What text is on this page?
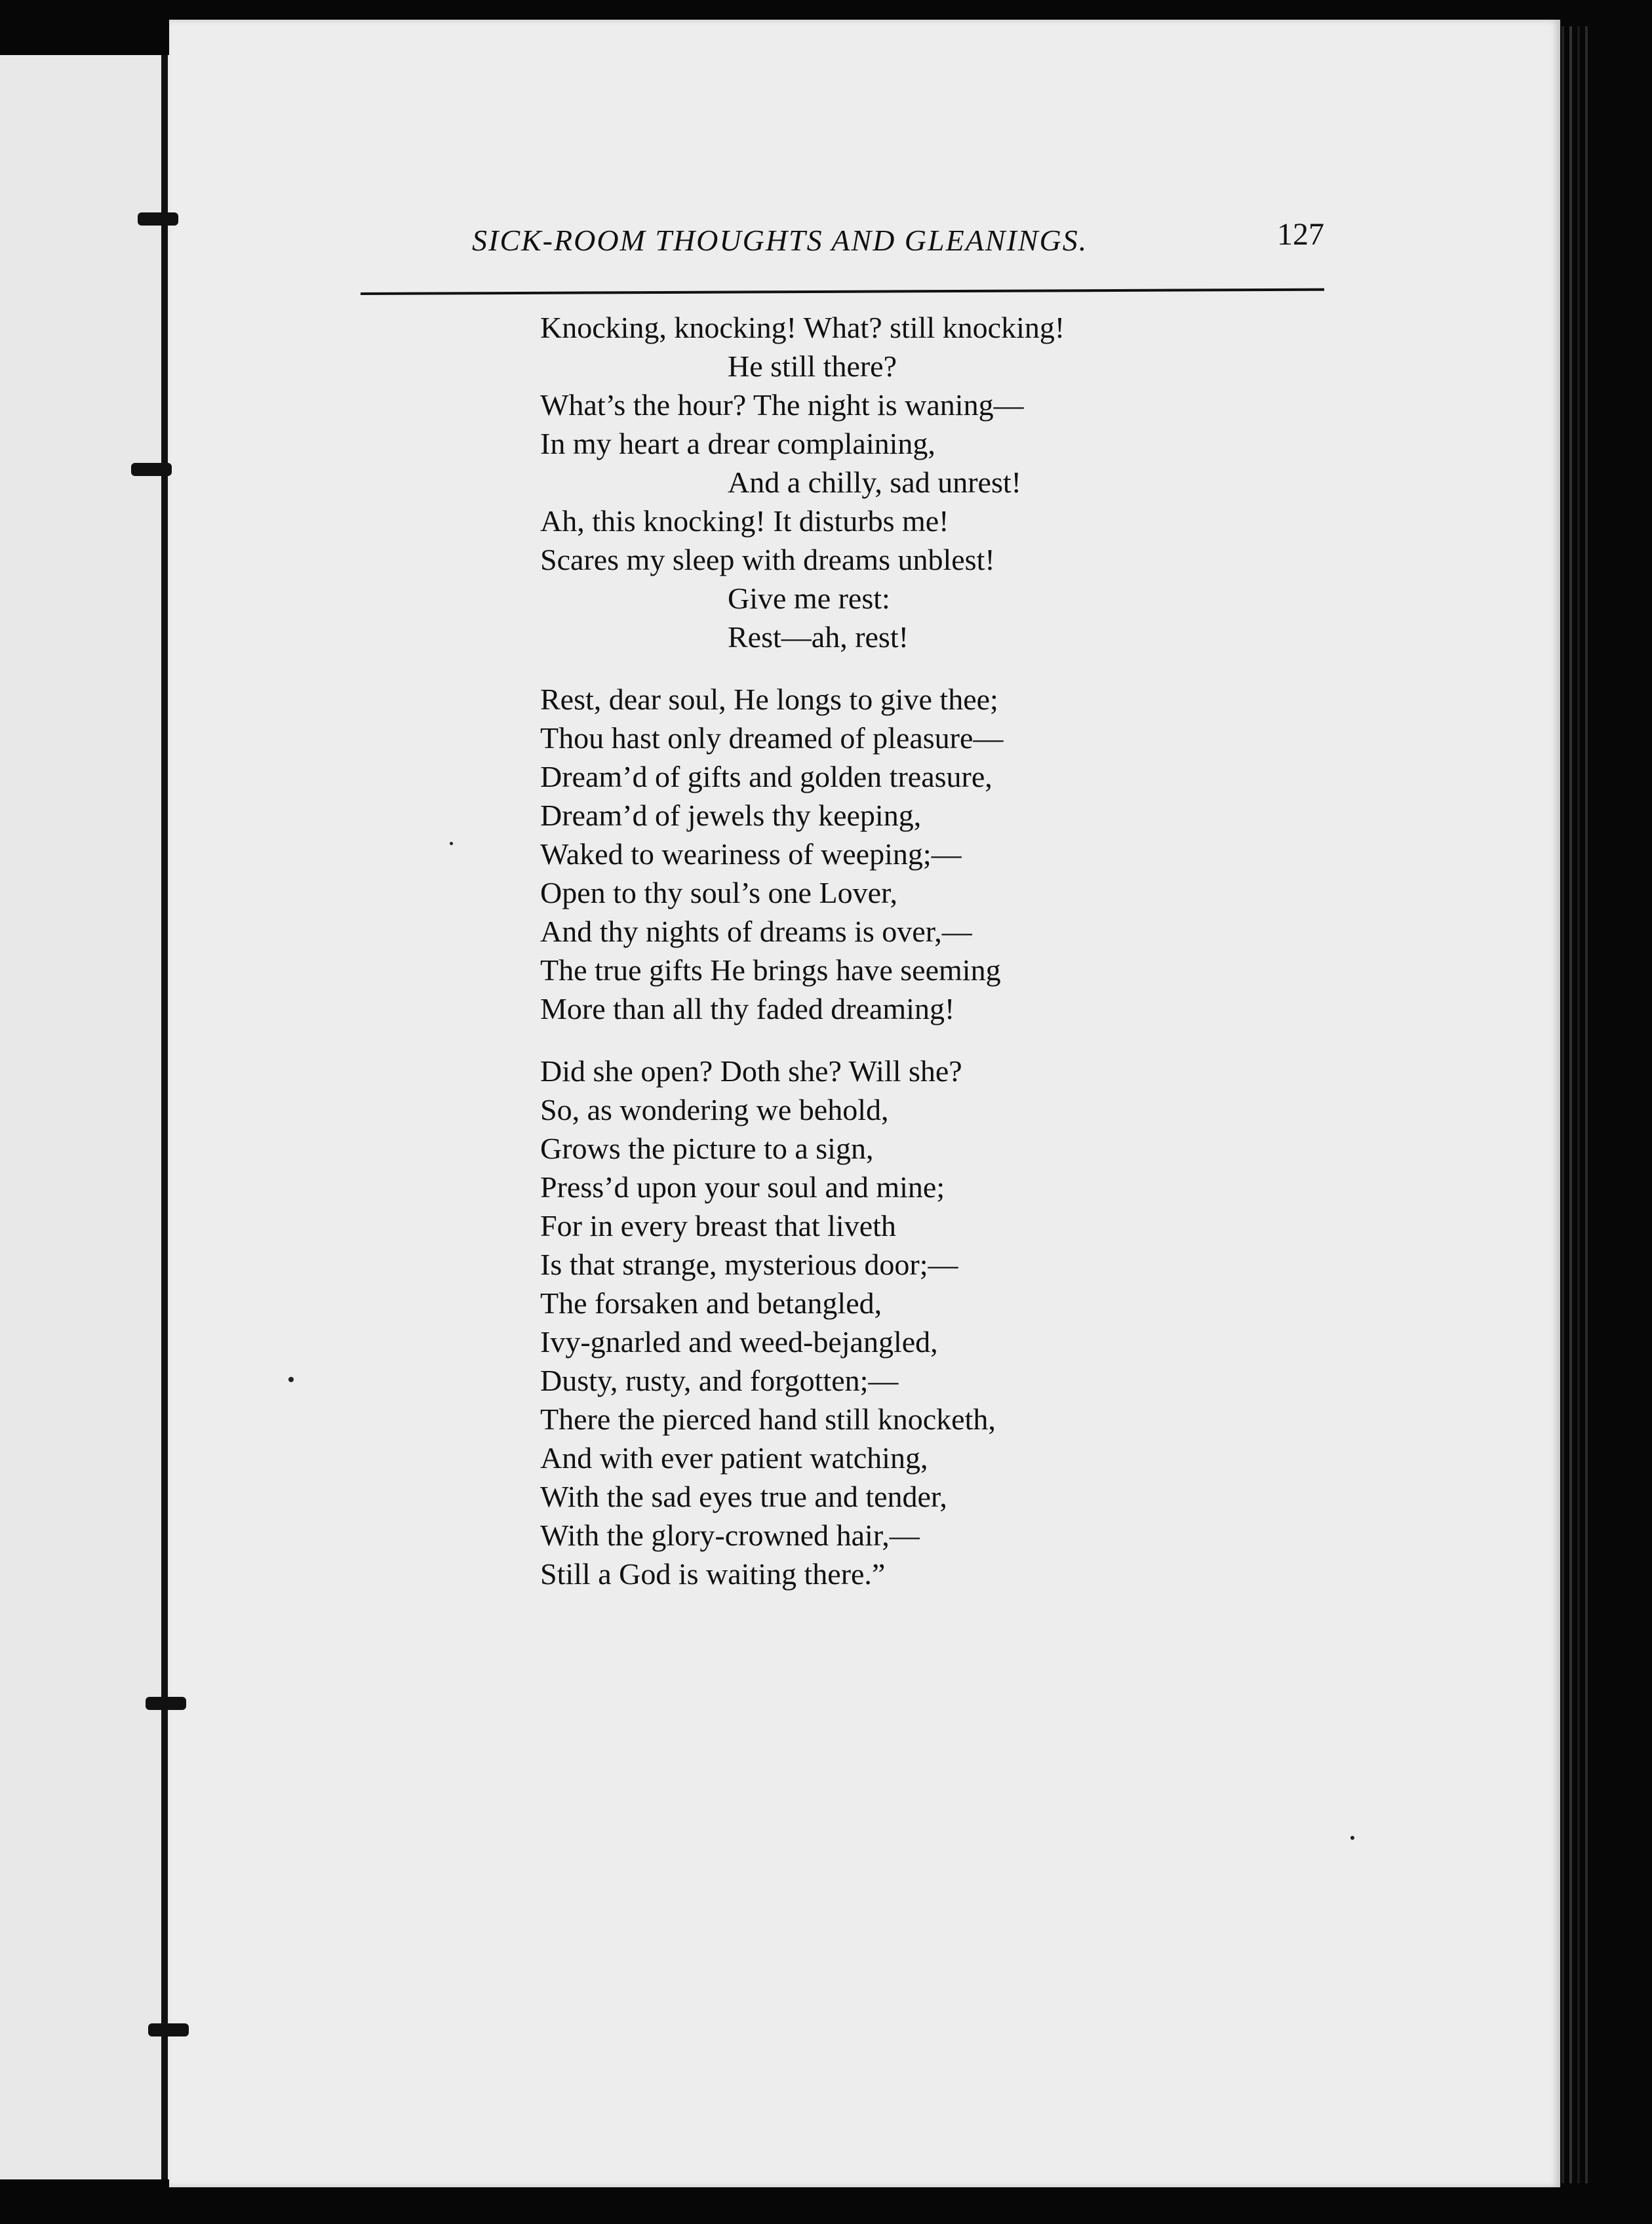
SICK-ROOM THOUGHTS AND GLEANINGS.	127
Knocking, knocking! What? still knocking!
He still there?
What’s the hour? The night is waning—
In my heart a drear complaining,
And a chilly, sad unrest!
Ah, this knocking! It disturbs me!
Scares my sleep with dreams unblest!
Give me rest:
Rest—ah, rest!
Rest, dear soul, He longs to give thee;
Thou hast only dreamed of pleasure—
Dream’d of gifts and golden treasure,
Dream’d of jewels thy keeping,
Waked to weariness of weeping;—
Open to thy soul’s one Lover,
And thy nights of dreams is over,—
The true gifts He brings have seeming
More than all thy faded dreaming!
Did she open? Doth she? Will she?
So, as wondering we behold,
Grows the picture to a sign,
Press’d upon your soul and mine;
For in every breast that liveth
Is that strange, mysterious door;—
The forsaken and betangled,
Ivy-gnarled and weed-bejangled,
Dusty, rusty, and forgotten;—
There the pierced hand still knocketh,
And with ever patient watching,
With the sad eyes true and tender,
With the glory-crowned hair,—
Still a God is waiting there.”
